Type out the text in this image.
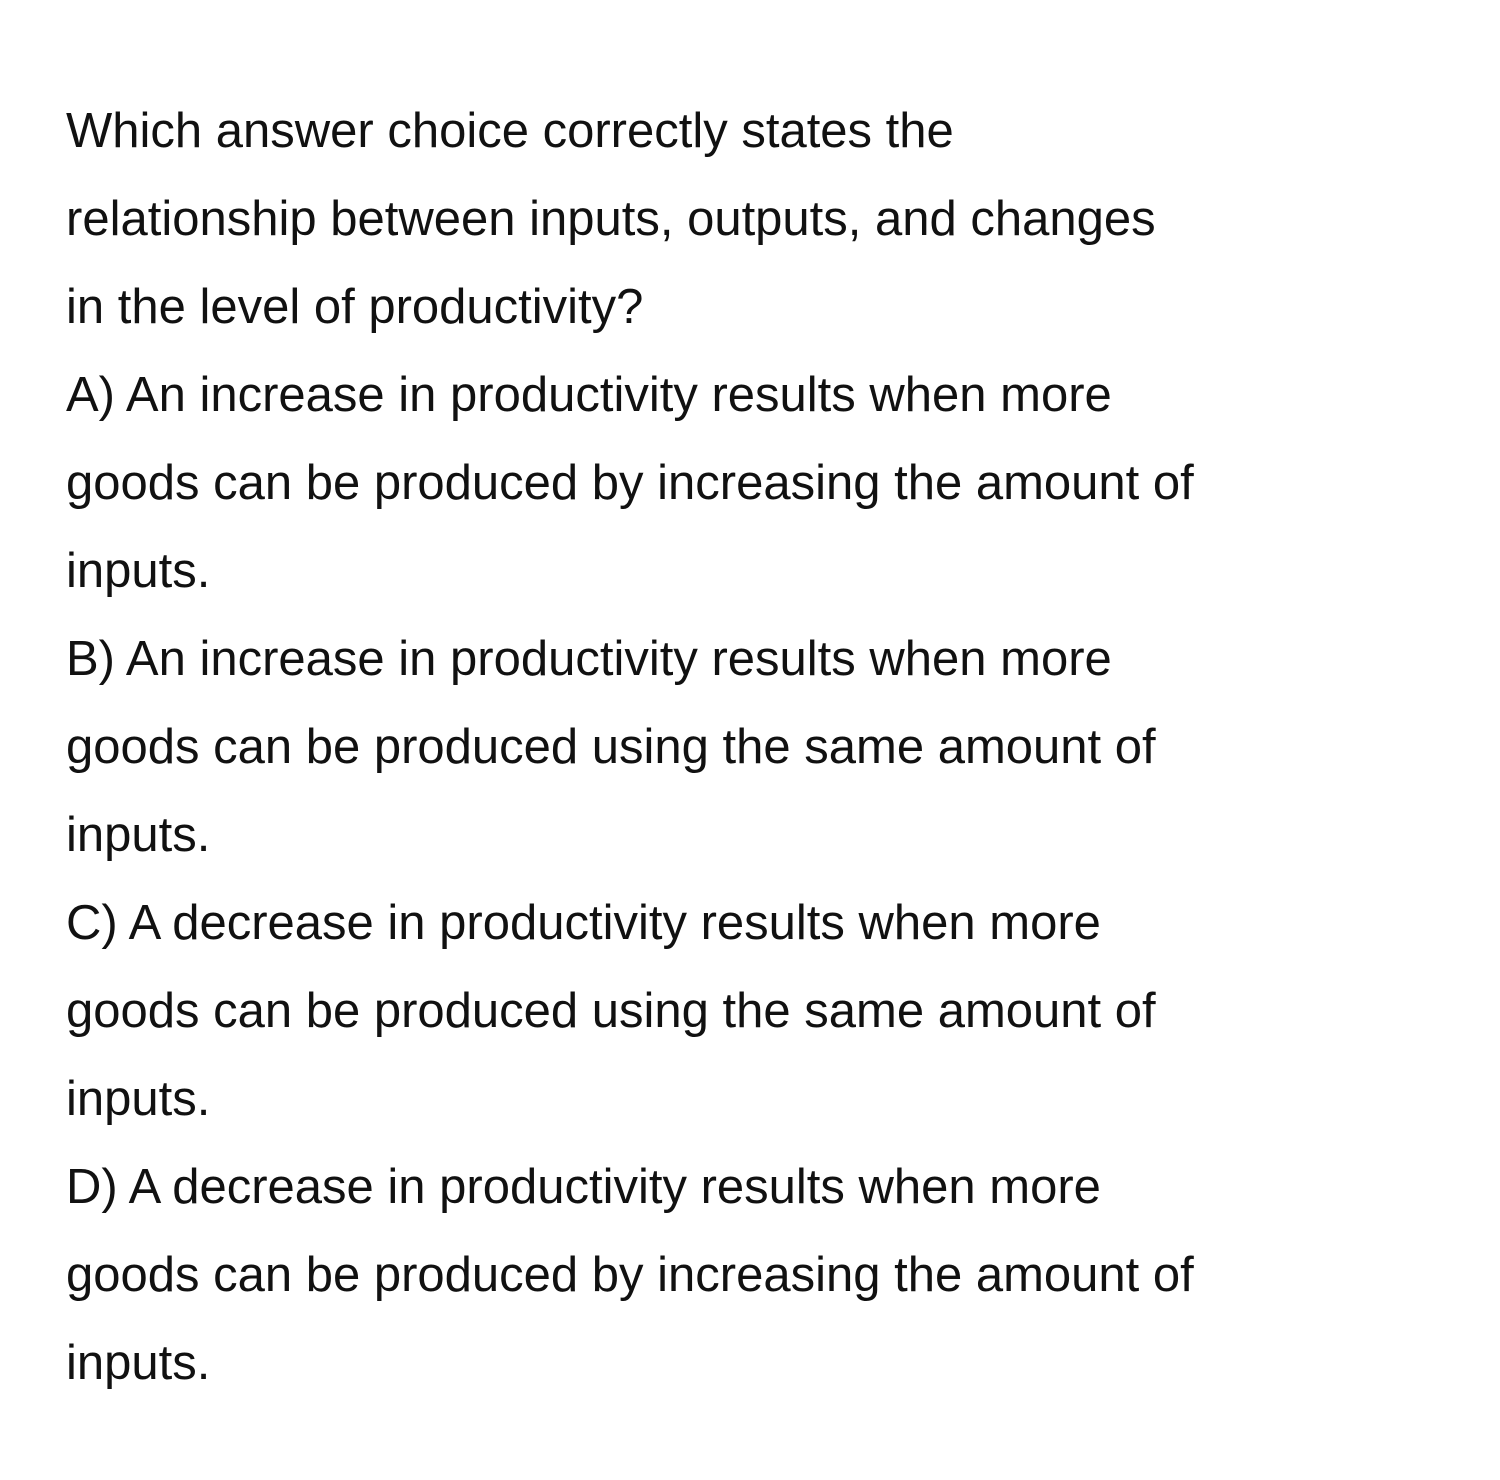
Which answer choice correctly states the

relationship between inputs, outputs, and changes

in the level of productivity?

A) An increase in productivity results when more

goods can be produced by increasing the amount of

inputs.

B) An increase in productivity results when more

goods can be produced using the same amount of

inputs.

C) A decrease in productivity results when more

goods can be produced using the same amount of

inputs.

D) A decrease in productivity results when more

goods can be produced by increasing the amount of

inputs.
